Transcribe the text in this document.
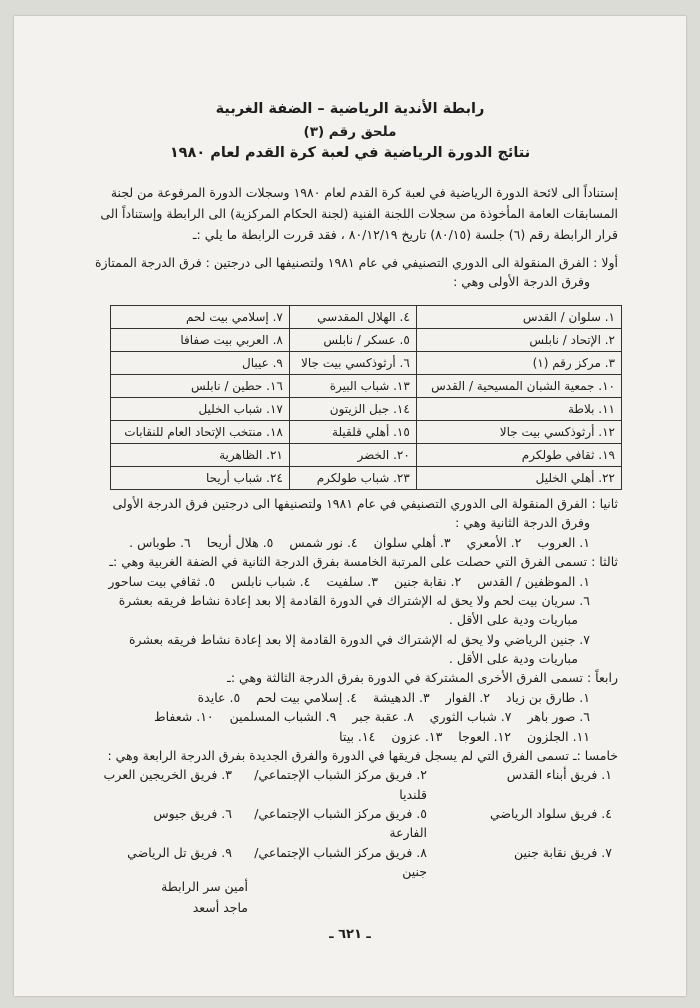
رابطة الأندية الرياضية – الضفة الغربية
ملحق رقم (٣)
نتائج الدورة الرياضية في لعبة كرة القدم لعام ١٩٨٠

إستناداً الى لائحة الدورة الرياضية في لعبة كرة القدم لعام ١٩٨٠ وسجلات الدورة المرفوعة من لجنة

المسابقات العامة المأخوذة من سجلات اللجنة الفنية (لجنة الحكام المركزية) الى الرابطة وإستناداً الى

قرار الرابطة رقم (٦) جلسة (٨٠/١٥) تاريخ ٨٠/١٢/١٩ ، فقد قررت الرابطة ما يلي :ـ

أولا : الفرق المنقولة الى الدوري التصنيفي في عام ١٩٨١ ولتصنيفها الى درجتين : فرق الدرجة الممتازة

وفرق الدرجة الأولى وهي :

١. سلوان / القدس	٤. الهلال المقدسي	٧. إسلامي بيت لحم
٢. الإتحاد / نابلس	٥. عسكر / نابلس	٨. العربي بيت صفافا
٣. مركز رقم (١)	٦. أرثوذكسي بيت جالا	٩. عيبال
١٠. جمعية الشبان المسيحية / القدس	١٣. شباب البيرة	١٦. حطين / نابلس
١١. بلاطة	١٤. جبل الزيتون	١٧. شباب الخليل
١٢. أرثوذكسي بيت جالا	١٥. أهلي قلقيلة	١٨. منتخب الإتحاد العام للنقابات
١٩. ثقافي طولكرم	٢٠. الخضر	٢١. الظاهرية
٢٢. أهلي الخليل	٢٣. شباب طولكرم	٢٤. شباب أريحا

ثانيا : الفرق المنقولة الى الدوري التصنيفي في عام ١٩٨١ ولتصنيفها الى درجتين فرق الدرجة الأولى

وفرق الدرجة الثانية وهي :

١. العروب
٢. الأمعري
٣. أهلي سلوان
٤. نور شمس
٥. هلال أريحا
٦. طوباس .

ثالثا : تسمى الفرق التي حصلت على المرتبة الخامسة بفرق الدرجة الثانية في الضفة الغربية وهي :ـ

١. الموظفين / القدس
٢. نقابة جنين
٣. سلفيت
٤. شباب نابلس
٥. ثقافي بيت ساحور

٦. سريان بيت لحم ولا يحق له الإشتراك في الدورة القادمة إلا بعد إعادة نشاط فريقه بعشرة

مباريات ودية على الأقل .

٧. جنين الرياضي ولا يحق له الإشتراك في الدورة القادمة إلا بعد إعادة نشاط فريقه بعشرة

مباريات ودية على الأقل .

رابعاً : تسمى الفرق الأخرى المشتركة في الدورة بفرق الدرجة الثالثة وهي :ـ

١. طارق بن زياد
٢. الفوار
٣. الدهيشة
٤. إسلامي بيت لحم
٥. عايدة
٦. صور باهر
٧. شباب الثوري
٨. عقبة جبر
٩. الشباب المسلمين
١٠. شعفاط
١١. الجلزون
١٢. العوجا
١٣. عزون
١٤. بيتا

خامسا :ـ تسمى الفرق التي لم يسجل فريقها في الدورة والفرق الجديدة بفرق الدرجة الرابعة وهي :

١. فريق أبناء القدس
٢. فريق مركز الشباب الإجتماعي/قلنديا
٣. فريق الخريجين العرب
٤. فريق سلواد الرياضي
٥. فريق مركز الشباب الإجتماعي/الفارعة
٦. فريق جيوس
٧. فريق نقابة جنين
٨. فريق مركز الشباب الإجتماعي/جنين
٩. فريق تل الرياضي
أمين سر الرابطة
ماجد أسعد
ـ ٦٢١ ـ
